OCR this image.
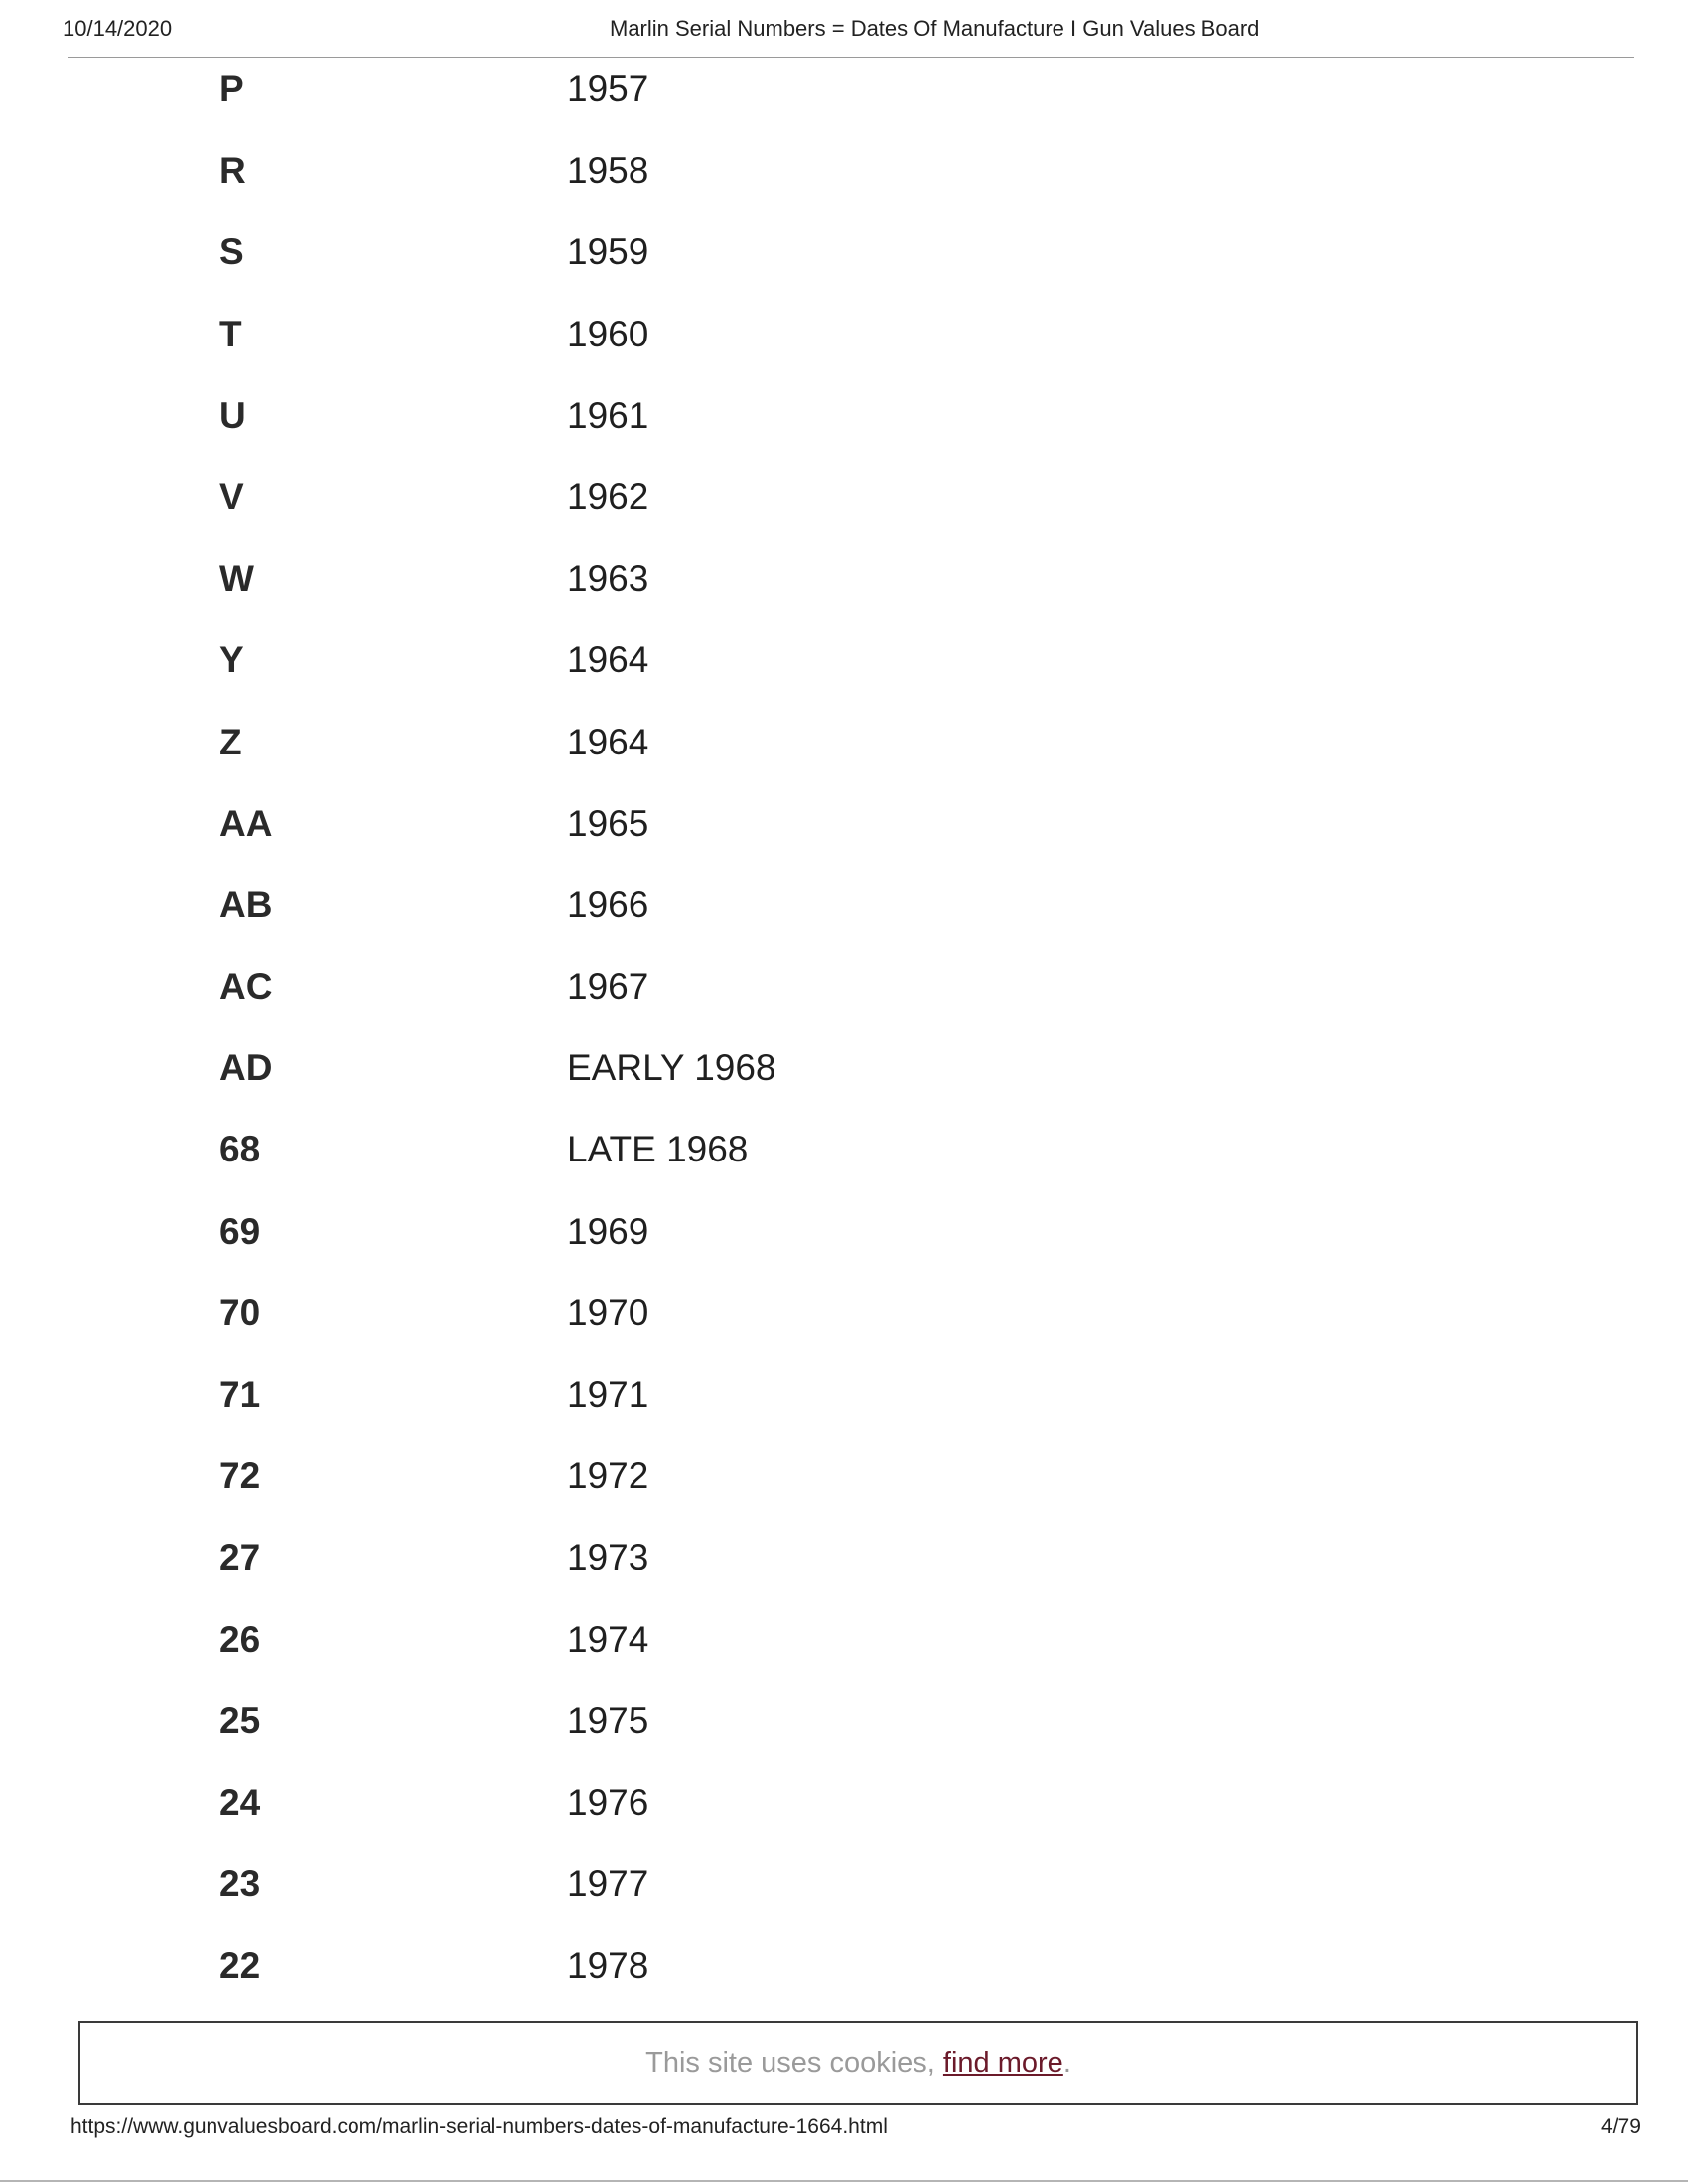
10/14/2020	Marlin Serial Numbers = Dates Of Manufacture I Gun Values Board
P	1957
R	1958
S	1959
T	1960
U	1961
V	1962
W	1963
Y	1964
Z	1964
AA	1965
AB	1966
AC	1967
AD	EARLY 1968
68	LATE 1968
69	1969
70	1970
71	1971
72	1972
27	1973
26	1974
25	1975
24	1976
23	1977
22	1978
This site uses cookies, find more.
https://www.gunvaluesboard.com/marlin-serial-numbers-dates-of-manufacture-1664.html	4/79
